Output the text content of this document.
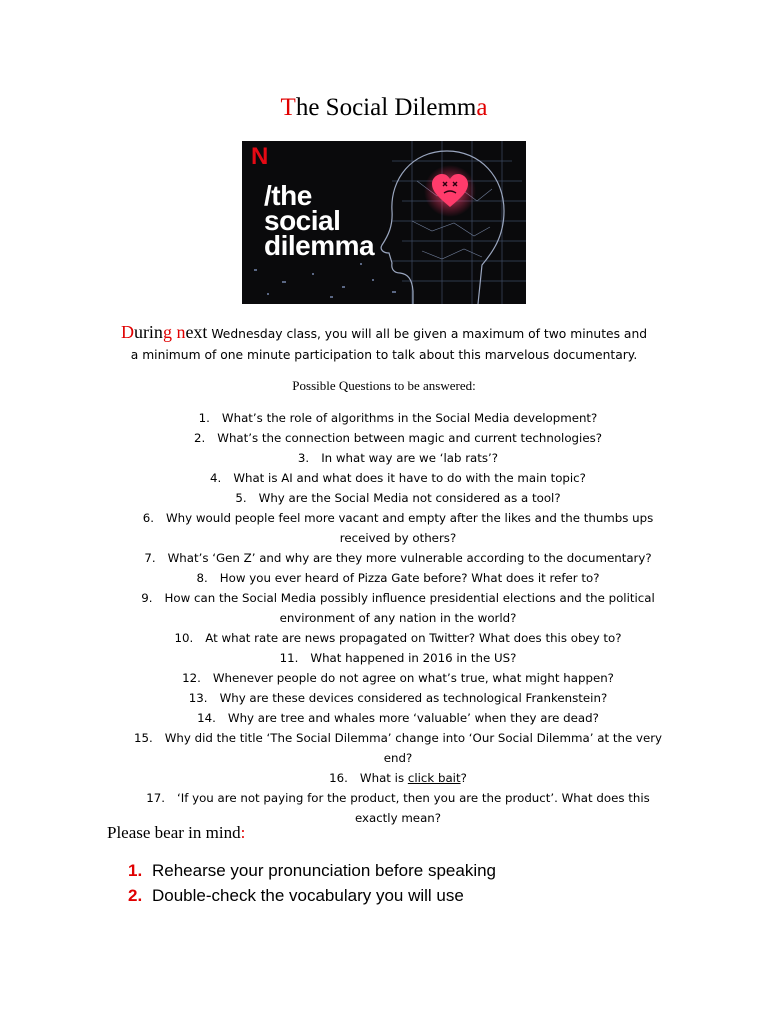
The Social Dilemma
N
/the
social
dilemma
During next Wednesday class, you will all be given a maximum of two minutes and a minimum of one minute participation to talk about this marvelous documentary.
Possible Questions to be answered:
1. What’s the role of algorithms in the Social Media development?
2. What’s the connection between magic and current technologies?
3. In what way are we ‘lab rats’?
4. What is AI and what does it have to do with the main topic?
5. Why are the Social Media not considered as a tool?
6. Why would people feel more vacant and empty after the likes and the thumbs ups received by others?
7. What’s ‘Gen Z’ and why are they more vulnerable according to the documentary?
8. How you ever heard of Pizza Gate before? What does it refer to?
9. How can the Social Media possibly influence presidential elections and the political environment of any nation in the world?
10. At what rate are news propagated on Twitter? What does this obey to?
11. What happened in 2016 in the US?
12. Whenever people do not agree on what’s true, what might happen?
13. Why are these devices considered as technological Frankenstein?
14. Why are tree and whales more ‘valuable’ when they are dead?
15. Why did the title ‘The Social Dilemma’ change into ‘Our Social Dilemma’ at the very end?
16. What is click bait?
17. ‘If you are not paying for the product, then you are the product’. What does this exactly mean?
Please bear in mind:
1. Rehearse your pronunciation before speaking
2. Double-check the vocabulary you will use
